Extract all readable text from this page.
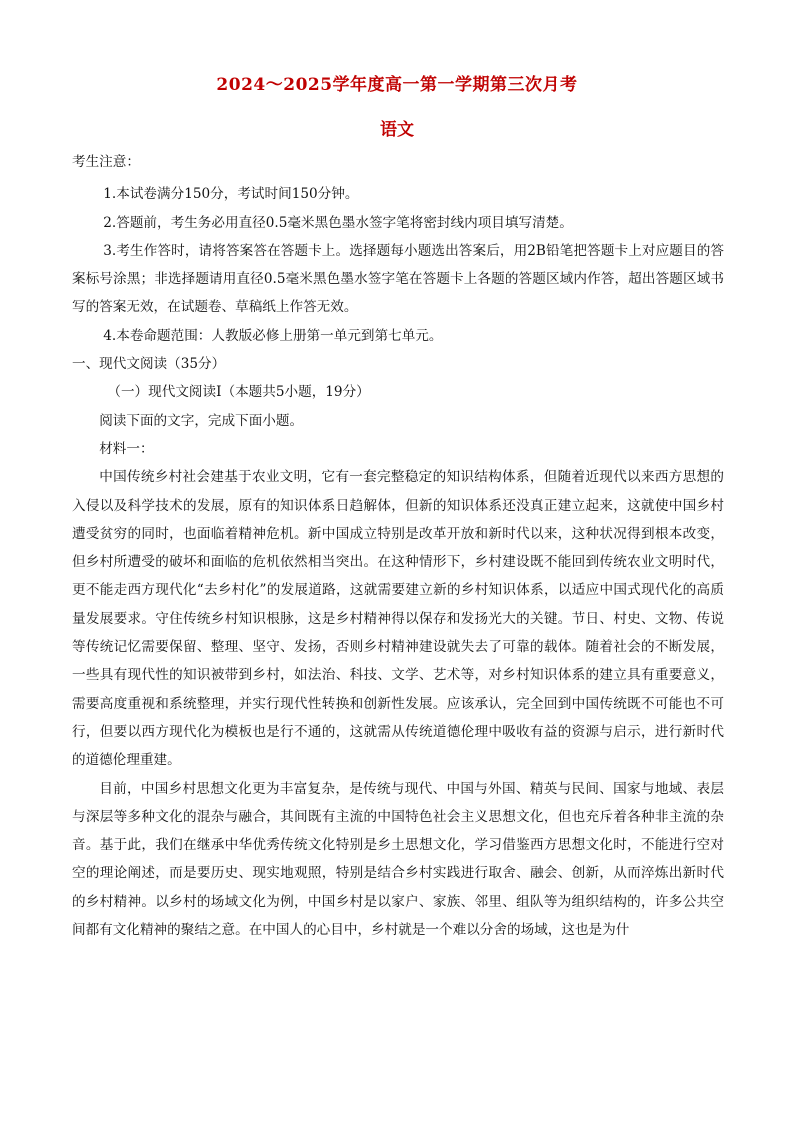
2024～2025学年度高一第一学期第三次月考
语文

考生注意：

1.本试卷满分150分，考试时间150分钟。

2.答题前，考生务必用直径0.5毫米黑色墨水签字笔将密封线内项目填写清楚。

3.考生作答时，请将答案答在答题卡上。选择题每小题选出答案后，用2B铅笔把答题卡上对应题目的答案标号涂黑；非选择题请用直径0.5毫米黑色墨水签字笔在答题卡上各题的答题区域内作答，超出答题区域书写的答案无效，在试题卷、草稿纸上作答无效。

4.本卷命题范围：人教版必修上册第一单元到第七单元。

一、现代文阅读（35分）

（一）现代文阅读Ⅰ（本题共5小题，19分）

阅读下面的文字，完成下面小题。

材料一：

中国传统乡村社会建基于农业文明，它有一套完整稳定的知识结构体系，但随着近现代以来西方思想的入侵以及科学技术的发展，原有的知识体系日趋解体，但新的知识体系还没真正建立起来，这就使中国乡村遭受贫穷的同时，也面临着精神危机。新中国成立特别是改革开放和新时代以来，这种状况得到根本改变，但乡村所遭受的破坏和面临的危机依然相当突出。在这种情形下，乡村建设既不能回到传统农业文明时代，更不能走西方现代化“去乡村化”的发展道路，这就需要建立新的乡村知识体系，以适应中国式现代化的高质量发展要求。守住传统乡村知识根脉，这是乡村精神得以保存和发扬光大的关键。节日、村史、文物、传说等传统记忆需要保留、整理、坚守、发扬，否则乡村精神建设就失去了可靠的载体。随着社会的不断发展，一些具有现代性的知识被带到乡村，如法治、科技、文学、艺术等，对乡村知识体系的建立具有重要意义，需要高度重视和系统整理，并实行现代性转换和创新性发展。应该承认，完全回到中国传统既不可能也不可行，但要以西方现代化为模板也是行不通的，这就需从传统道德伦理中吸收有益的资源与启示，进行新时代的道德伦理重建。

目前，中国乡村思想文化更为丰富复杂，是传统与现代、中国与外国、精英与民间、国家与地域、表层与深层等多种文化的混杂与融合，其间既有主流的中国特色社会主义思想文化，但也充斥着各种非主流的杂音。基于此，我们在继承中华优秀传统文化特别是乡土思想文化，学习借鉴西方思想文化时，不能进行空对空的理论阐述，而是要历史、现实地观照，特别是结合乡村实践进行取舍、融会、创新，从而淬炼出新时代的乡村精神。以乡村的场域文化为例，中国乡村是以家户、家族、邻里、组队等为组织结构的，许多公共空间都有文化精神的聚结之意。在中国人的心目中，乡村就是一个难以分舍的场域，这也是为什
